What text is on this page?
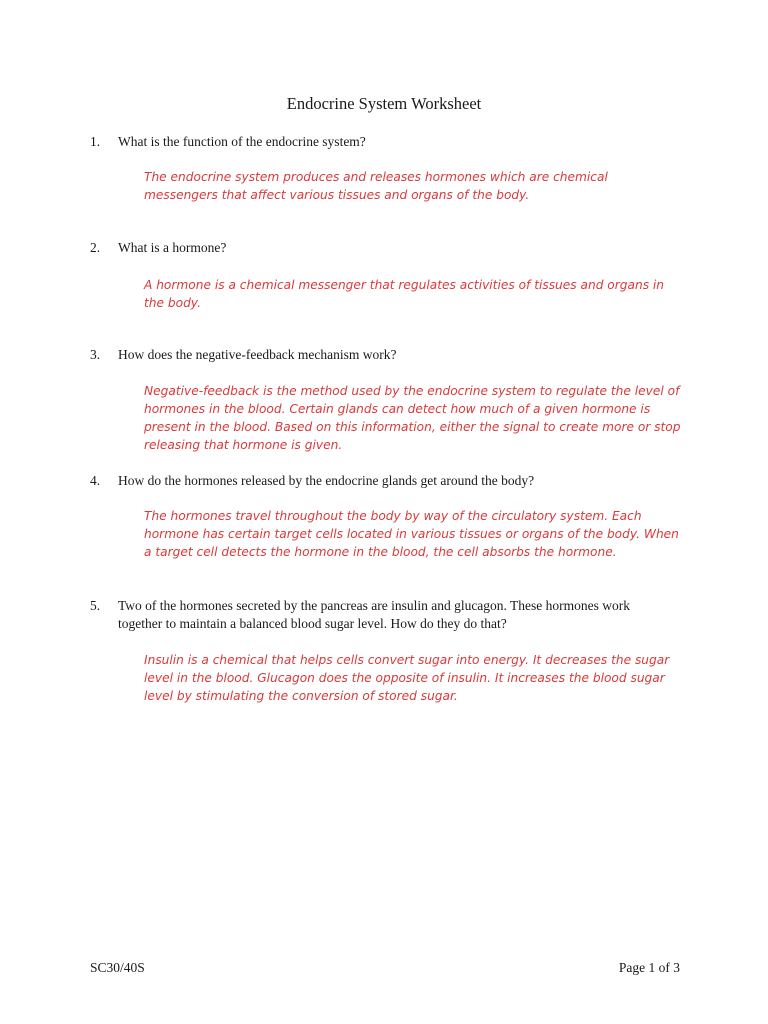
Endocrine System Worksheet
1. What is the function of the endocrine system?
The endocrine system produces and releases hormones which are chemical messengers that affect various tissues and organs of the body.
2. What is a hormone?
A hormone is a chemical messenger that regulates activities of tissues and organs in the body.
3. How does the negative-feedback mechanism work?
Negative-feedback is the method used by the endocrine system to regulate the level of hormones in the blood. Certain glands can detect how much of a given hormone is present in the blood. Based on this information, either the signal to create more or stop releasing that hormone is given.
4. How do the hormones released by the endocrine glands get around the body?
The hormones travel throughout the body by way of the circulatory system. Each hormone has certain target cells located in various tissues or organs of the body. When a target cell detects the hormone in the blood, the cell absorbs the hormone.
5. Two of the hormones secreted by the pancreas are insulin and glucagon. These hormones work together to maintain a balanced blood sugar level. How do they do that?
Insulin is a chemical that helps cells convert sugar into energy. It decreases the sugar level in the blood. Glucagon does the opposite of insulin. It increases the blood sugar level by stimulating the conversion of stored sugar.
SC30/40S	Page 1 of 3
